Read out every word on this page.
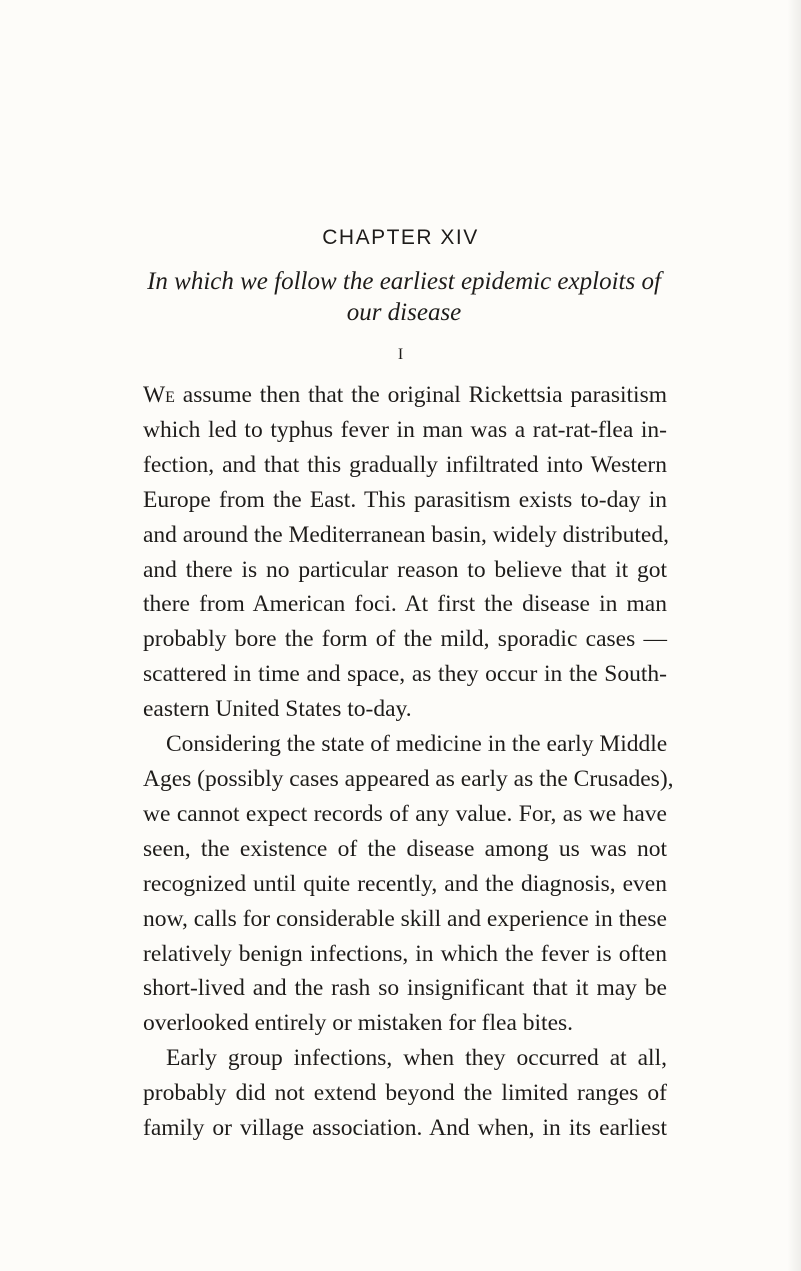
CHAPTER XIV
In which we follow the earliest epidemic exploits of
our disease
I
We assume then that the original Rickettsia parasitism
which led to typhus fever in man was a rat-rat-flea in-
fection, and that this gradually infiltrated into Western
Europe from the East. This parasitism exists to-day in
and around the Mediterranean basin, widely distributed,
and there is no particular reason to believe that it got
there from American foci. At first the disease in man
probably bore the form of the mild, sporadic cases —
scattered in time and space, as they occur in the South-
eastern United States to-day.
Considering the state of medicine in the early Middle
Ages (possibly cases appeared as early as the Crusades),
we cannot expect records of any value. For, as we have
seen, the existence of the disease among us was not
recognized until quite recently, and the diagnosis, even
now, calls for considerable skill and experience in these
relatively benign infections, in which the fever is often
short-lived and the rash so insignificant that it may be
overlooked entirely or mistaken for flea bites.
Early group infections, when they occurred at all,
probably did not extend beyond the limited ranges of
family or village association. And when, in its earliest
